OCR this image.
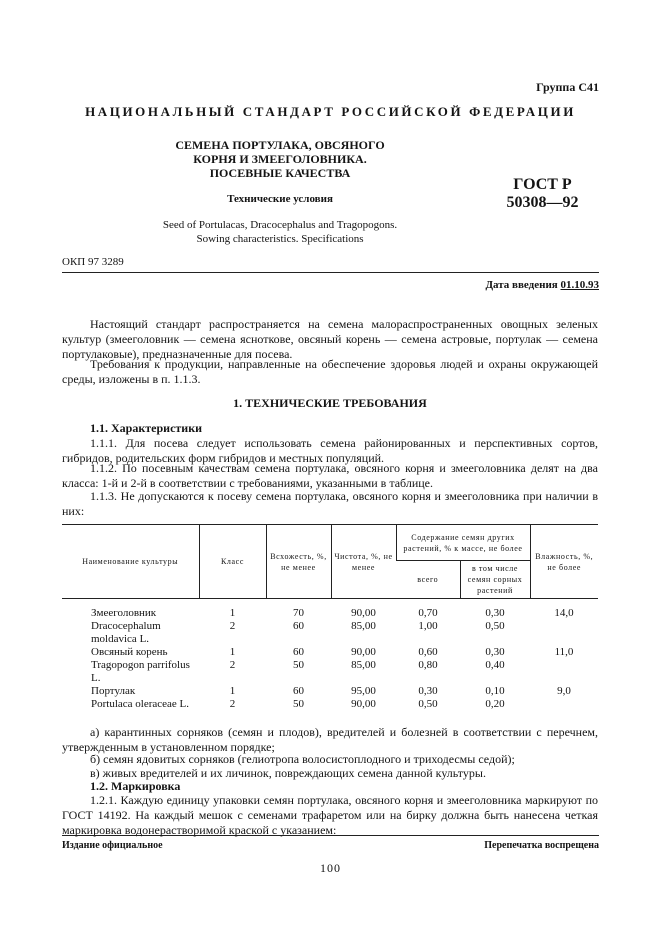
Группа С41
НАЦИОНАЛЬНЫЙ СТАНДАРТ РОССИЙСКОЙ ФЕДЕРАЦИИ
СЕМЕНА ПОРТУЛАКА, ОВСЯНОГО
КОРНЯ И ЗМЕЕГОЛОВНИКА.
ПОСЕВНЫЕ КАЧЕСТВА
ГОСТ Р
50308—92
Технические условия
Seed of Portulacas, Dracocephalus and Tragopogons.
Sowing characteristics. Specifications
ОКП 97 3289
Дата введения 01.10.93
Настоящий стандарт распространяется на семена малораспространенных овощных зеленых культур (змееголовник — семена ясноткове, овсяный корень — семена астровые, портулак — семена портулаковые), предназначенные для посева.
Требования к продукции, направленные на обеспечение здоровья людей и охраны окружающей среды, изложены в п. 1.1.3.
1. ТЕХНИЧЕСКИЕ ТРЕБОВАНИЯ
1.1. Характеристики
1.1.1. Для посева следует использовать семена районированных и перспективных сортов, гибридов, родительских форм гибридов и местных популяций.
1.1.2. По посевным качествам семена портулака, овсяного корня и змееголовника делят на два класса: 1-й и 2-й в соответствии с требованиями, указанными в таблице.
1.1.3. Не допускаются к посеву семена портулака, овсяного корня и змееголовника при наличии в них:
Наименование культуры	Класс	Всхожесть, %, не менее	Чистота, %, не менее	Содержание семян других растений, % к массе, не более		Влажность, %, не более
				всего	в том числе семян сорных растений	

Змееголовник	1	70	90,00	0,70	0,30	14,0
Dracocephalum moldavica L.	2	60	85,00	1,00	0,50	
Овсяный корень	1	60	90,00	0,60	0,30	11,0
Tragopogon parrifolus L.	2	50	85,00	0,80	0,40	
Портулак	1	60	95,00	0,30	0,10	9,0
Portulaca oleraceae L.	2	50	90,00	0,50	0,20	
а) карантинных сорняков (семян и плодов), вредителей и болезней в соответствии с перечнем, утвержденным в установленном порядке;
б) семян ядовитых сорняков (гелиотропа волосистоплодного и триходесмы седой);
в) живых вредителей и их личинок, повреждающих семена данной культуры.
1.2. Маркировка
1.2.1. Каждую единицу упаковки семян портулака, овсяного корня и змееголовника маркируют по ГОСТ 14192. На каждый мешок с семенами трафаретом или на бирку должна быть нанесена четкая маркировка водонерастворимой краской с указанием:
Издание официальное	Перепечатка воспрещена
100
